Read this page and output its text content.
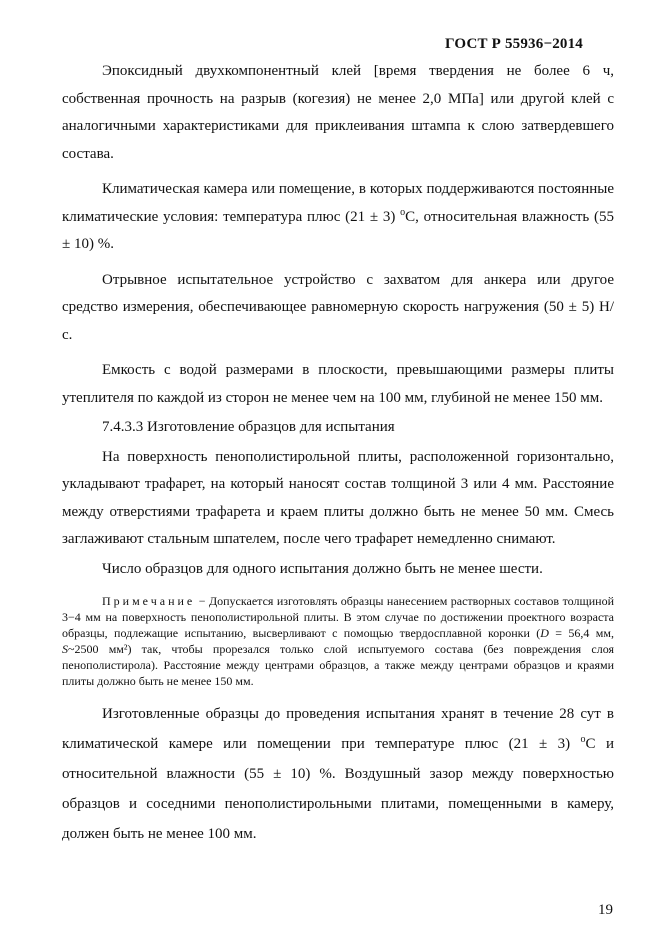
ГОСТ Р 55936−2014

Эпоксидный двухкомпонентный клей [время твердения не более 6 ч, собственная прочность на разрыв (когезия) не менее 2,0 МПа] или другой клей с аналогичными характеристиками для приклеивания штампа к слою затвердевшего состава.

Климатическая камера или помещение, в которых поддерживаются постоянные климатические условия: температура плюс (21 ± 3) $^o$С, относительная влажность (55 ± 10) %.

Отрывное испытательное устройство с захватом для анкера или другое средство измерения, обеспечивающее равномерную скорость нагружения (50 ± 5) Н/с.

Емкость с водой размерами в плоскости, превышающими размеры плиты утеплителя по каждой из сторон не менее чем на 100 мм, глубиной не менее 150 мм.

7.4.3.3 Изготовление образцов для испытания

На поверхность пенополистирольной плиты, расположенной горизонтально, укладывают трафарет, на который наносят состав толщиной 3 или 4 мм. Расстояние между отверстиями трафарета и краем плиты должно быть не менее 50 мм. Смесь заглаживают стальным шпателем, после чего трафарет немедленно снимают.

Число образцов для одного испытания должно быть не менее шести.

Примечание − Допускается изготовлять образцы нанесением растворных составов толщиной 3−4 мм на поверхность пенополистирольной плиты. В этом случае по достижении проектного возраста образцы, подлежащие испытанию, высверливают с помощью твердосплавной коронки (D = 56,4 мм, S~2500 мм²) так, чтобы прорезался только слой испытуемого состава (без повреждения слоя пенополистирола). Расстояние между центрами образцов, а также между центрами образцов и краями плиты должно быть не менее 150 мм.

Изготовленные образцы до проведения испытания хранят в течение 28 сут в климатической камере или помещении при температуре плюс (21 ± 3) $^o$С и относительной влажности (55 ± 10) %. Воздушный зазор между поверхностью образцов и соседними пенополистирольными плитами, помещенными в камеру, должен быть не менее 100 мм.

19
